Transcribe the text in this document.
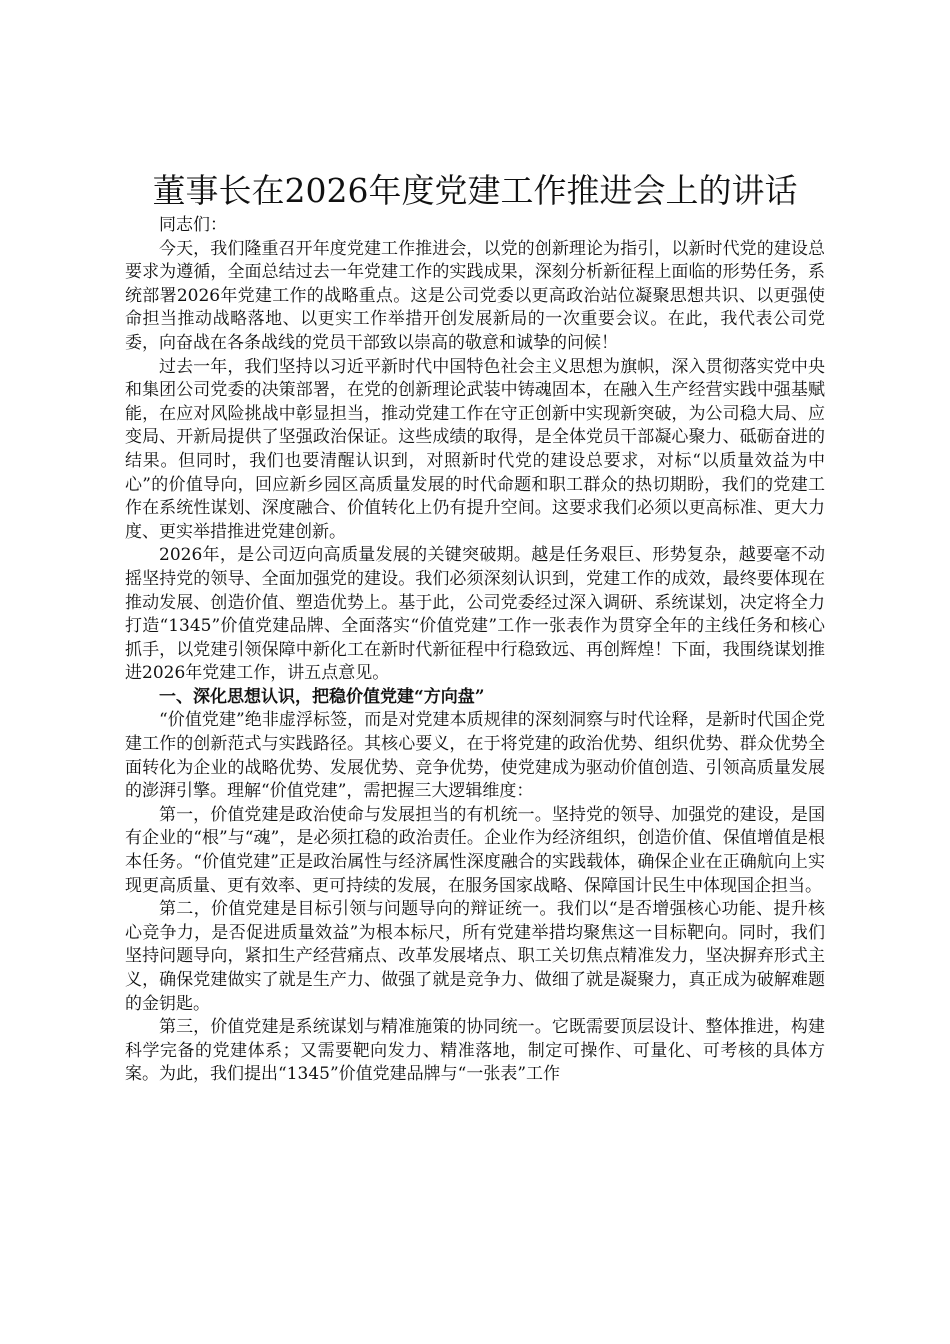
董事长在2026年度党建工作推进会上的讲话

同志们：

今天，我们隆重召开年度党建工作推进会，以党的创新理论为指引，以新时代党的建设总要求为遵循，全面总结过去一年党建工作的实践成果，深刻分析新征程上面临的形势任务，系统部署2026年党建工作的战略重点。这是公司党委以更高政治站位凝聚思想共识、以更强使命担当推动战略落地、以更实工作举措开创发展新局的一次重要会议。在此，我代表公司党委，向奋战在各条战线的党员干部致以崇高的敬意和诚挚的问候！

过去一年，我们坚持以习近平新时代中国特色社会主义思想为旗帜，深入贯彻落实党中央和集团公司党委的决策部署，在党的创新理论武装中铸魂固本，在融入生产经营实践中强基赋能，在应对风险挑战中彰显担当，推动党建工作在守正创新中实现新突破，为公司稳大局、应变局、开新局提供了坚强政治保证。这些成绩的取得，是全体党员干部凝心聚力、砥砺奋进的结果。但同时，我们也要清醒认识到，对照新时代党的建设总要求，对标“以质量效益为中心”的价值导向，回应新乡园区高质量发展的时代命题和职工群众的热切期盼，我们的党建工作在系统性谋划、深度融合、价值转化上仍有提升空间。这要求我们必须以更高标准、更大力度、更实举措推进党建创新。

2026年，是公司迈向高质量发展的关键突破期。越是任务艰巨、形势复杂，越要毫不动摇坚持党的领导、全面加强党的建设。我们必须深刻认识到，党建工作的成效，最终要体现在推动发展、创造价值、塑造优势上。基于此，公司党委经过深入调研、系统谋划，决定将全力打造“1345”价值党建品牌、全面落实“价值党建”工作一张表作为贯穿全年的主线任务和核心抓手，以党建引领保障中新化工在新时代新征程中行稳致远、再创辉煌！下面，我围绕谋划推进2026年党建工作，讲五点意见。

一、深化思想认识，把稳价值党建“方向盘”

“价值党建”绝非虚浮标签，而是对党建本质规律的深刻洞察与时代诠释，是新时代国企党建工作的创新范式与实践路径。其核心要义，在于将党建的政治优势、组织优势、群众优势全面转化为企业的战略优势、发展优势、竞争优势，使党建成为驱动价值创造、引领高质量发展的澎湃引擎。理解“价值党建”，需把握三大逻辑维度：

第一，价值党建是政治使命与发展担当的有机统一。坚持党的领导、加强党的建设，是国有企业的“根”与“魂”，是必须扛稳的政治责任。企业作为经济组织，创造价值、保值增值是根本任务。“价值党建”正是政治属性与经济属性深度融合的实践载体，确保企业在正确航向上实现更高质量、更有效率、更可持续的发展，在服务国家战略、保障国计民生中体现国企担当。

第二，价值党建是目标引领与问题导向的辩证统一。我们以“是否增强核心功能、提升核心竞争力，是否促进质量效益”为根本标尺，所有党建举措均聚焦这一目标靶向。同时，我们坚持问题导向，紧扣生产经营痛点、改革发展堵点、职工关切焦点精准发力，坚决摒弃形式主义，确保党建做实了就是生产力、做强了就是竞争力、做细了就是凝聚力，真正成为破解难题的金钥匙。

第三，价值党建是系统谋划与精准施策的协同统一。它既需要顶层设计、整体推进，构建科学完备的党建体系；又需要靶向发力、精准落地，制定可操作、可量化、可考核的具体方案。为此，我们提出“1345”价值党建品牌与“一张表”工作
